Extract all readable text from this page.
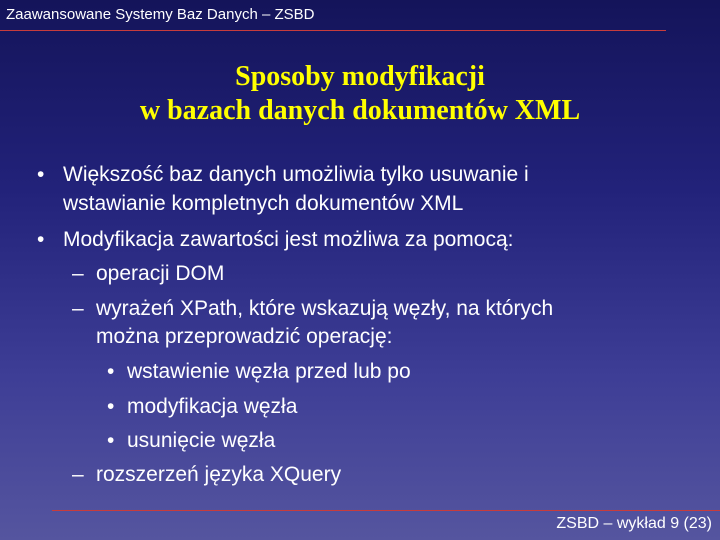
Zaawansowane Systemy Baz Danych – ZSBD
Sposoby modyfikacji
w bazach danych dokumentów XML
• Większość baz danych umożliwia tylko usuwanie i
wstawianie kompletnych dokumentów XML
• Modyfikacja zawartości jest możliwa za pomocą:
– operacji DOM
– wyrażeń XPath, które wskazują węzły, na których
można przeprowadzić operację:
• wstawienie węzła przed lub po
• modyfikacja węzła
• usunięcie węzła
– rozszerzeń języka XQuery
ZSBD – wykład 9 (23)
